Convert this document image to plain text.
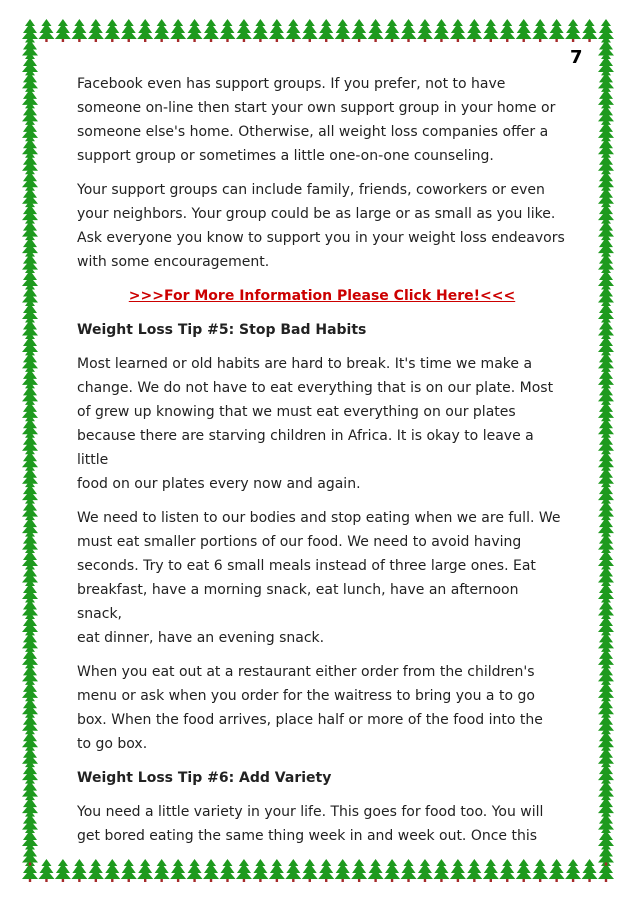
7

Facebook even has support groups. If you prefer, not to have
someone on-line then start your own support group in your home or
someone else's home. Otherwise, all weight loss companies offer a
support group or sometimes a little one-on-one counseling.

Your support groups can include family, friends, coworkers or even
your neighbors. Your group could be as large or as small as you like.
Ask everyone you know to support you in your weight loss endeavors
with some encouragement.

>>>For More Information Please Click Here!<<<

Weight Loss Tip #5: Stop Bad Habits

Most learned or old habits are hard to break. It's time we make a
change. We do not have to eat everything that is on our plate. Most
of grew up knowing that we must eat everything on our plates
because there are starving children in Africa. It is okay to leave a little
food on our plates every now and again.

We need to listen to our bodies and stop eating when we are full. We
must eat smaller portions of our food. We need to avoid having
seconds. Try to eat 6 small meals instead of three large ones. Eat
breakfast, have a morning snack, eat lunch, have an afternoon snack,
eat dinner, have an evening snack.

When you eat out at a restaurant either order from the children's
menu or ask when you order for the waitress to bring you a to go
box. When the food arrives, place half or more of the food into the
to go box.

Weight Loss Tip #6: Add Variety

You need a little variety in your life. This goes for food too. You will
get bored eating the same thing week in and week out. Once this
